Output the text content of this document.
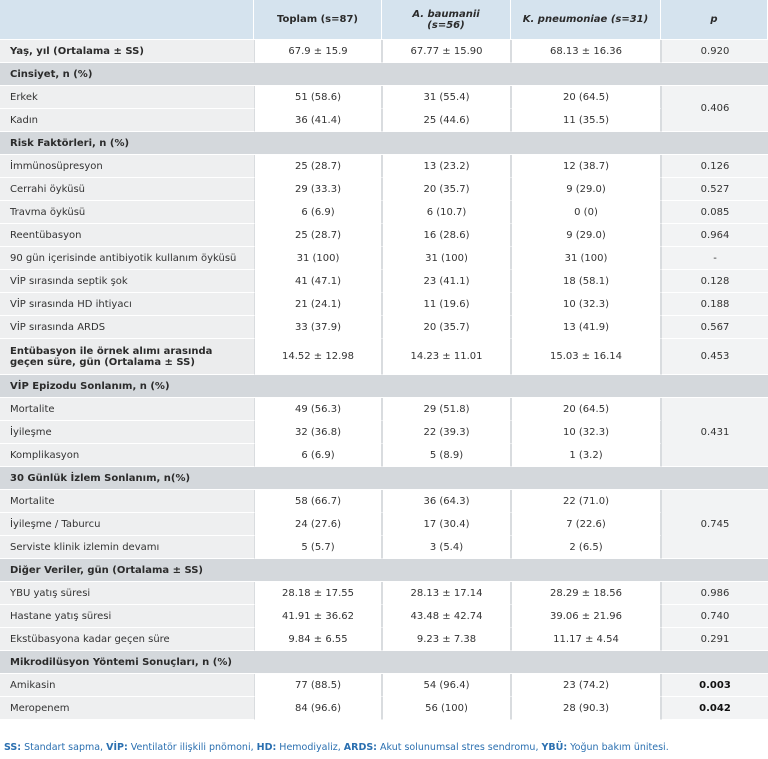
	Toplam (s=87)	A. baumanii (s=56)	K. pneumoniae (s=31)	p
Yaş, yıl (Ortalama ± SS)	67.9 ± 15.9	67.77 ± 15.90	68.13 ± 16.36	0.920
Cinsiyet, n (%)				
Erkek	51 (58.6)	31 (55.4)	20 (64.5)	0.406
Kadın	36 (41.4)	25 (44.6)	11 (35.5)	
Risk Faktörleri, n (%)				
İmmünosüpresyon	25 (28.7)	13 (23.2)	12 (38.7)	0.126
Cerrahi öyküsü	29 (33.3)	20 (35.7)	9 (29.0)	0.527
Travma öyküsü	6 (6.9)	6 (10.7)	0 (0)	0.085
Reentübasyon	25 (28.7)	16 (28.6)	9 (29.0)	0.964
90 gün içerisinde antibiyotik kullanım öyküsü	31 (100)	31 (100)	31 (100)	-
VİP sırasında septik şok	41 (47.1)	23 (41.1)	18 (58.1)	0.128
VİP sırasında HD ihtiyacı	21 (24.1)	11 (19.6)	10 (32.3)	0.188
VİP sırasında ARDS	33 (37.9)	20 (35.7)	13 (41.9)	0.567
Entübasyon ile örnek alımı arasında geçen süre, gün (Ortalama ± SS)	14.52 ± 12.98	14.23 ± 11.01	15.03 ± 16.14	0.453
VİP Epizodu Sonlanım, n (%)				
Mortalite	49 (56.3)	29 (51.8)	20 (64.5)	0.431
İyileşme	32 (36.8)	22 (39.3)	10 (32.3)	
Komplikasyon	6 (6.9)	5 (8.9)	1 (3.2)	
30 Günlük İzlem Sonlanım, n(%)				
Mortalite	58 (66.7)	36 (64.3)	22 (71.0)	0.745
İyileşme / Taburcu	24 (27.6)	17 (30.4)	7 (22.6)	
Serviste klinik izlemin devamı	5 (5.7)	3 (5.4)	2 (6.5)	
Diğer Veriler, gün (Ortalama ± SS)				
YBU yatış süresi	28.18 ± 17.55	28.13 ± 17.14	28.29 ± 18.56	0.986
Hastane yatış süresi	41.91 ± 36.62	43.48 ± 42.74	39.06 ± 21.96	0.740
Ekstübasyona kadar geçen süre	9.84 ± 6.55	9.23 ± 7.38	11.17 ± 4.54	0.291
Mikrodilüsyon Yöntemi Sonuçları, n (%)				
Amikasin	77 (88.5)	54 (96.4)	23 (74.2)	0.003
Meropenem	84 (96.6)	56 (100)	28 (90.3)	0.042
SS: Standart sapma, VİP: Ventilatör ilişkili pnömoni, HD: Hemodiyaliz, ARDS: Akut solunumsal stres sendromu, YBÜ: Yoğun bakım ünitesi.
